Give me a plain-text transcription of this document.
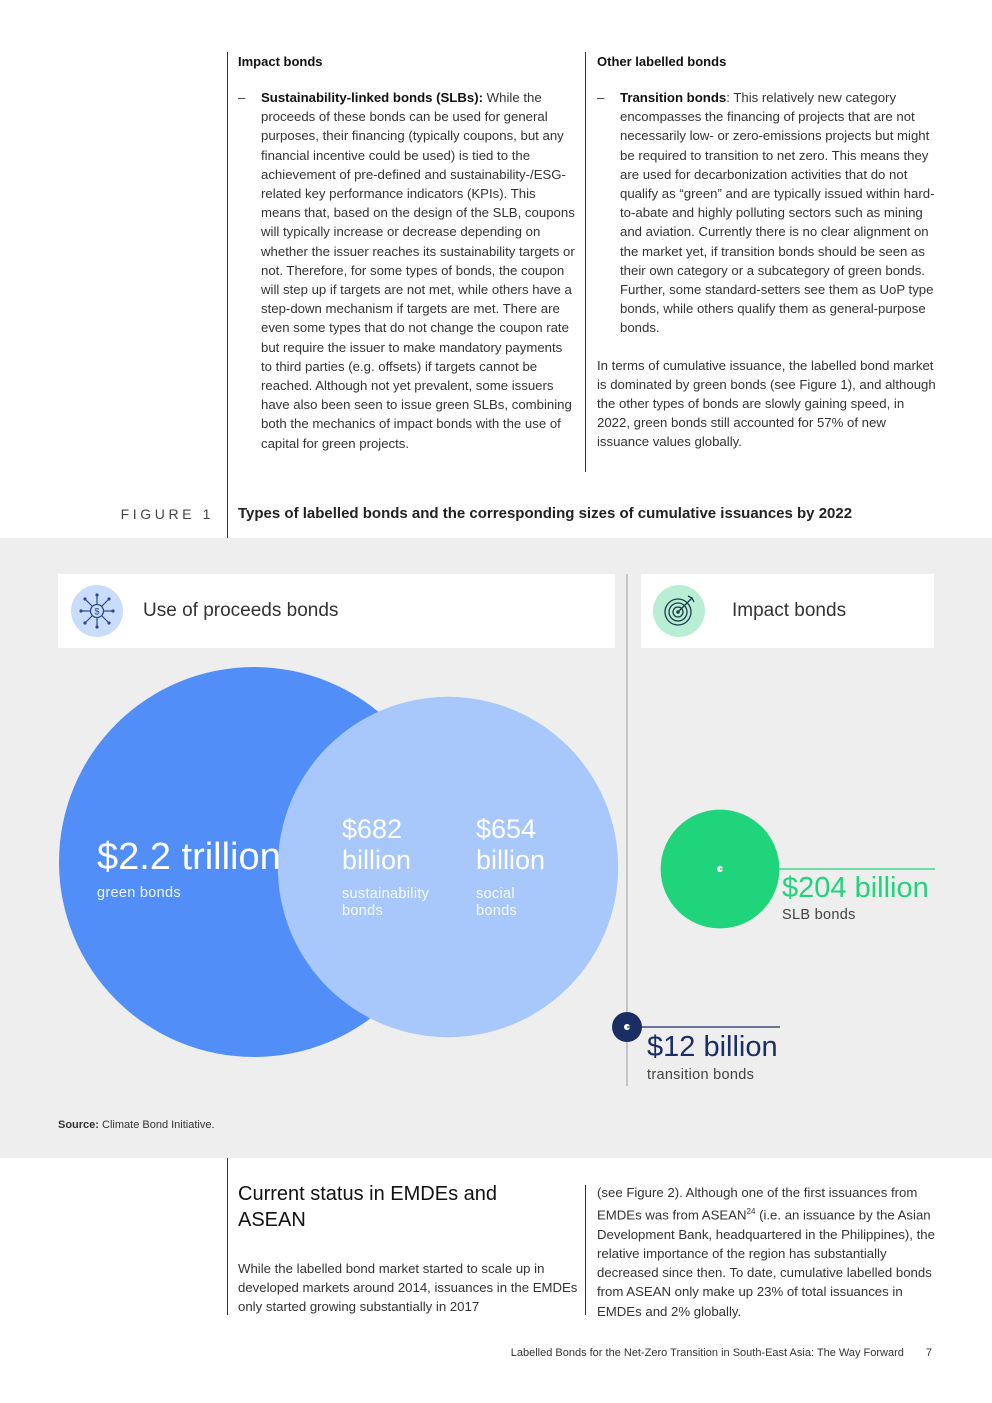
Impact bonds
– Sustainability-linked bonds (SLBs): While the proceeds of these bonds can be used for general purposes, their financing (typically coupons, but any financial incentive could be used) is tied to the achievement of pre-defined and sustainability-/ESG-related key performance indicators (KPIs). This means that, based on the design of the SLB, coupons will typically increase or decrease depending on whether the issuer reaches its sustainability targets or not. Therefore, for some types of bonds, the coupon will step up if targets are not met, while others have a step-down mechanism if targets are met. There are even some types that do not change the coupon rate but require the issuer to make mandatory payments to third parties (e.g. offsets) if targets cannot be reached. Although not yet prevalent, some issuers have also been seen to issue green SLBs, combining both the mechanics of impact bonds with the use of capital for green projects.
Other labelled bonds
– Transition bonds: This relatively new category encompasses the financing of projects that are not necessarily low- or zero-emissions projects but might be required to transition to net zero. This means they are used for decarbonization activities that do not qualify as “green” and are typically issued within hard-to-abate and highly polluting sectors such as mining and aviation. Currently there is no clear alignment on the market yet, if transition bonds should be seen as their own category or a subcategory of green bonds. Further, some standard-setters see them as UoP type bonds, while others qualify them as general-purpose bonds.

In terms of cumulative issuance, the labelled bond market is dominated by green bonds (see Figure 1), and although the other types of bonds are slowly gaining speed, in 2022, green bonds still accounted for 57% of new issuance values globally.

FIGURE 1 Types of labelled bonds and the corresponding sizes of cumulative issuances by 2022
$ Use of proceeds bonds	Impact bonds
$2.2 trillion
green bonds
$682 billion
sustainability bonds
$654 billion
social bonds
$204 billion
SLB bonds
$12 billion
transition bonds
Source: Climate Bond Initiative.
Current status in EMDEs and ASEAN
While the labelled bond market started to scale up in developed markets around 2014, issuances in the EMDEs only started growing substantially in 2017
(see Figure 2). Although one of the first issuances from EMDEs was from ASEAN$^{24}$ (i.e. an issuance by the Asian Development Bank, headquartered in the Philippines), the relative importance of the region has substantially decreased since then. To date, cumulative labelled bonds from ASEAN only make up 23% of total issuances in EMDEs and 2% globally.
Labelled Bonds for the Net-Zero Transition in South-East Asia: The Way Forward 7
